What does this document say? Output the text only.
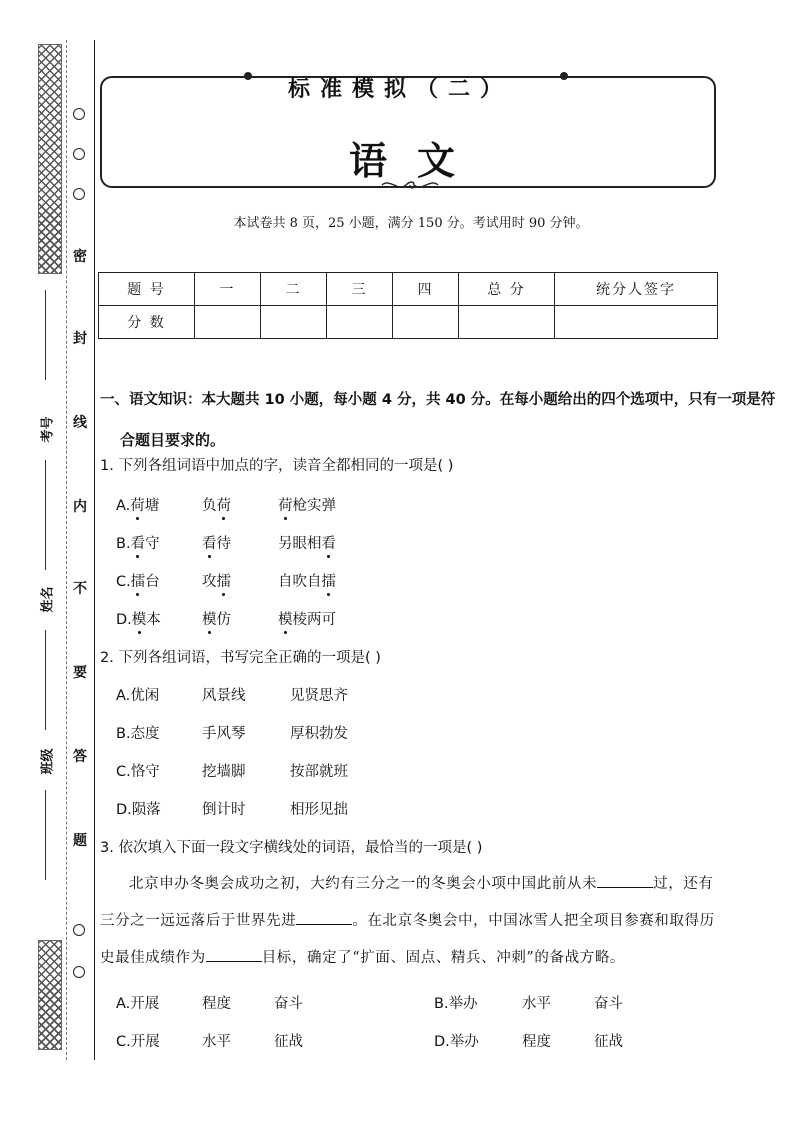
密
封
线
内
不
要
答
题
考号
姓名
班级
标准模拟（二）
语文
本试卷共 8 页，25 小题，满分 150 分。考试用时 90 分钟。
题 号	一	二	三	四	总 分	统分人签字
分 数						
一、语文知识：本大题共 10 小题，每小题 4 分，共 40 分。在每小题给出的四个选项中，只有一项是符
合题目要求的。
1. 下列各组词语中加点的字，读音全都相同的一项是( )
A.荷塘	负荷	荷枪实弹
B.看守	看待	另眼相看
C.擂台	攻擂	自吹自擂
D.模本	模仿	模棱两可
2. 下列各组词语，书写完全正确的一项是( )
A.优闲	风景线	见贤思齐
B.态度	手风琴	厚积勃发
C.恪守	挖墙脚	按部就班
D.陨落	倒计时	相形见拙
3. 依次填入下面一段文字横线处的词语，最恰当的一项是( )
北京申办冬奥会成功之初，大约有三分之一的冬奥会小项中国此前从未	过，还有三分之一远远落后于世界先进	。在北京冬奥会中，中国冰雪人把全项目参赛和取得历史最佳成绩作为	目标，确定了“扩面、固点、精兵、冲刺”的备战方略。
A.开展	程度	奋斗	B.举办	水平	奋斗
C.开展	水平	征战	D.举办	程度	征战
